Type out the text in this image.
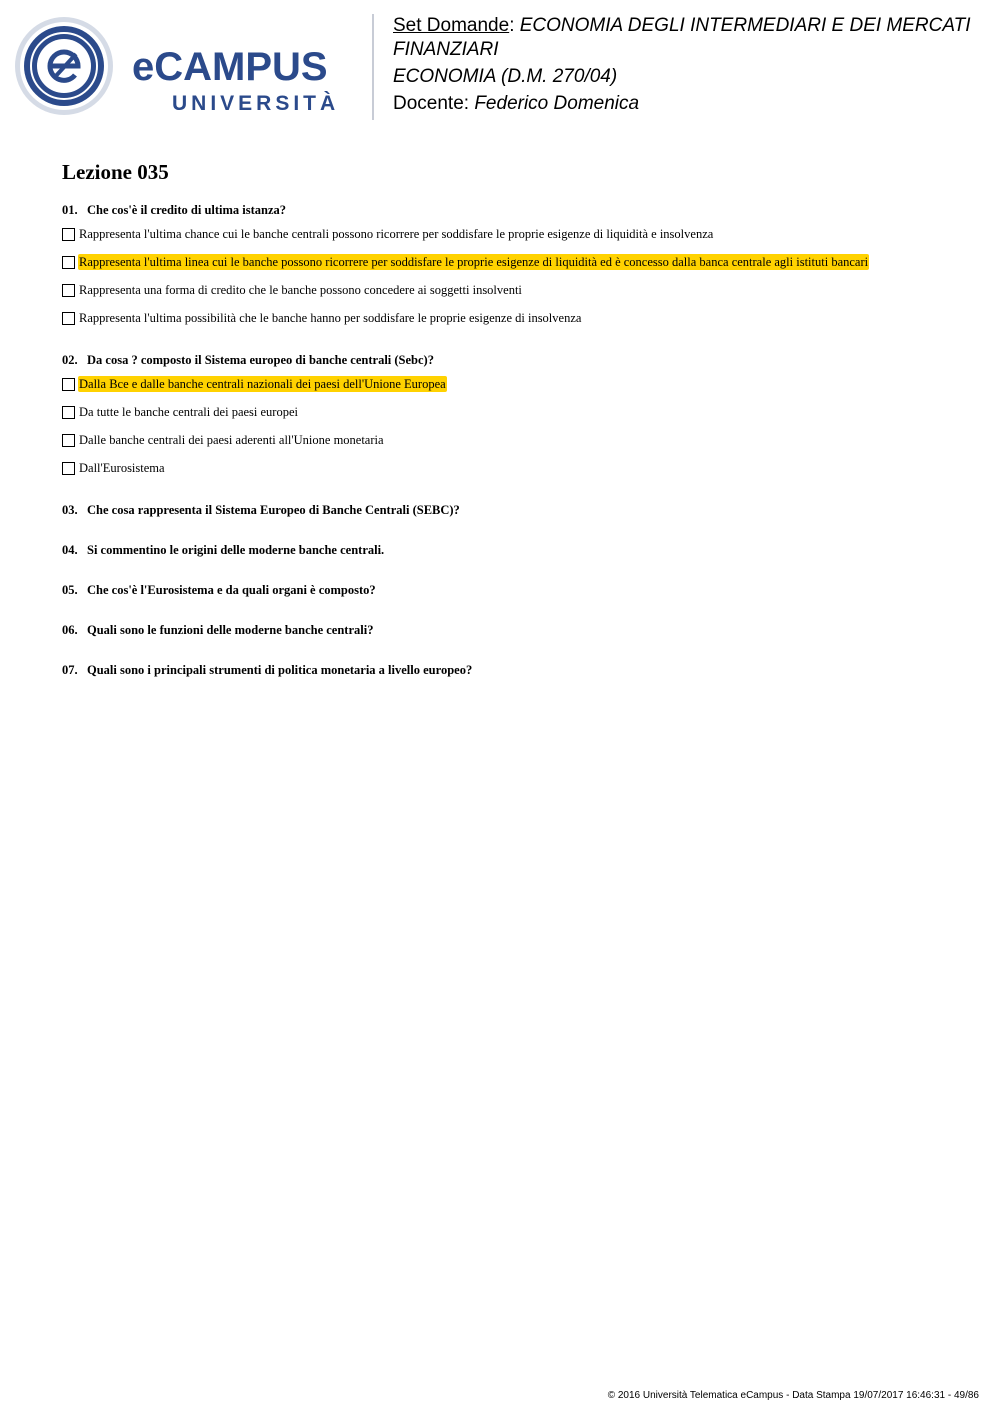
eCAMPUS
UNIVERSITÀ
Set Domande: ECONOMIA DEGLI INTERMEDIARI E DEI MERCATI FINANZIARI
ECONOMIA (D.M. 270/04)
Docente: Federico Domenica
Lezione 035

01. Che cos'è il credito di ultima istanza?

Rappresenta l'ultima chance cui le banche centrali possono ricorrere per soddisfare le proprie esigenze di liquidità e insolvenza
Rappresenta l'ultima linea cui le banche possono ricorrere per soddisfare le proprie esigenze di liquidità ed è concesso dalla banca centrale agli istituti bancari
Rappresenta una forma di credito che le banche possono concedere ai soggetti insolventi
Rappresenta l'ultima possibilità che le banche hanno per soddisfare le proprie esigenze di insolvenza

02. Da cosa ? composto il Sistema europeo di banche centrali (Sebc)?

Dalla Bce e dalle banche centrali nazionali dei paesi dell'Unione Europea
Da tutte le banche centrali dei paesi europei
Dalle banche centrali dei paesi aderenti all'Unione monetaria
Dall'Eurosistema

03. Che cosa rappresenta il Sistema Europeo di Banche Centrali (SEBC)?

04. Si commentino le origini delle moderne banche centrali.

05. Che cos'è l'Eurosistema e da quali organi è composto?

06. Quali sono le funzioni delle moderne banche centrali?

07. Quali sono i principali strumenti di politica monetaria a livello europeo?

© 2016 Università Telematica eCampus - Data Stampa 19/07/2017 16:46:31 - 49/86
